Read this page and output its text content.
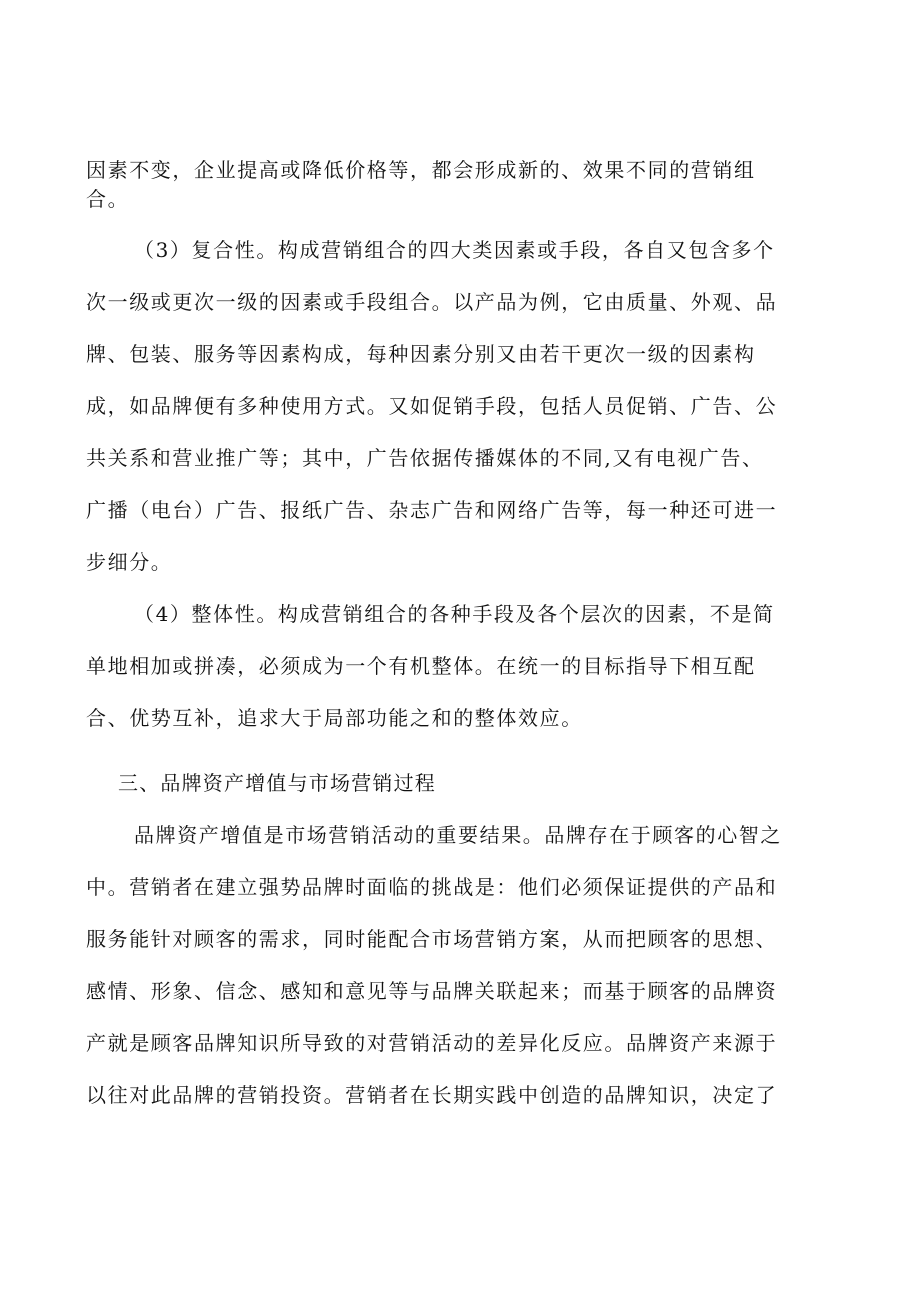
因素不变，企业提高或降低价格等，都会形成新的、效果不同的营销组
合。
（3）复合性。构成营销组合的四大类因素或手段，各自又包含多个
次一级或更次一级的因素或手段组合。以产品为例，它由质量、外观、品
牌、包装、服务等因素构成，每种因素分别又由若干更次一级的因素构
成，如品牌便有多种使用方式。又如促销手段，包括人员促销、广告、公
共关系和营业推广等；其中，广告依据传播媒体的不同,又有电视广告、
广播（电台）广告、报纸广告、杂志广告和网络广告等，每一种还可进一
步细分。
（4）整体性。构成营销组合的各种手段及各个层次的因素，不是简
单地相加或拼凑，必须成为一个有机整体。在统一的目标指导下相互配
合、优势互补，追求大于局部功能之和的整体效应。
三、品牌资产增值与市场营销过程
品牌资产增值是市场营销活动的重要结果。品牌存在于顾客的心智之
中。营销者在建立强势品牌时面临的挑战是：他们必须保证提供的产品和
服务能针对顾客的需求，同时能配合市场营销方案，从而把顾客的思想、
感情、形象、信念、感知和意见等与品牌关联起来；而基于顾客的品牌资
产就是顾客品牌知识所导致的对营销活动的差异化反应。品牌资产来源于
以往对此品牌的营销投资。营销者在长期实践中创造的品牌知识，决定了
